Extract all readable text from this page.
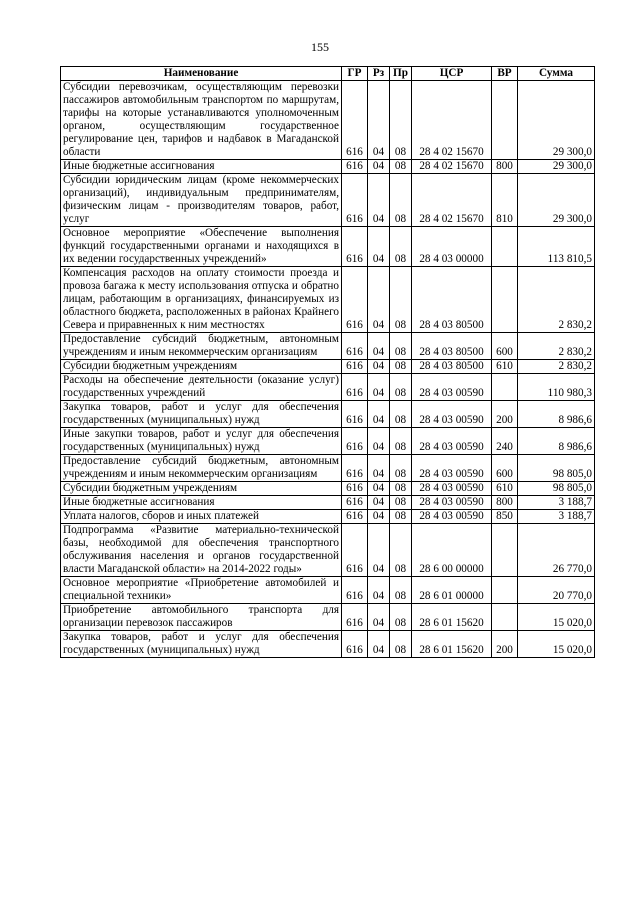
155
Наименование	ГР	Рз	Пр	ЦСР	ВР	Сумма
Субсидии перевозчикам, осуществляющим перевозки пассажиров автомобильным транспортом по маршрутам, тарифы на которые устанавливаются уполномоченным органом, осуществляющим государственное регулирование цен, тарифов и надбавок в Магаданской области	616	04	08	28 4 02 15670		29 300,0
Иные бюджетные ассигнования	616	04	08	28 4 02 15670	800	29 300,0
Субсидии юридическим лицам (кроме некоммерческих организаций), индивидуальным предпринимателям, физическим лицам - производителям товаров, работ, услуг	616	04	08	28 4 02 15670	810	29 300,0
Основное мероприятие «Обеспечение выполнения функций государственными органами и находящихся в их ведении государственных учреждений»	616	04	08	28 4 03 00000		113 810,5
Компенсация расходов на оплату стоимости проезда и провоза багажа к месту использования отпуска и обратно лицам, работающим в организациях, финансируемых из областного бюджета, расположенных в районах Крайнего Севера и приравненных к ним местностях	616	04	08	28 4 03 80500		2 830,2
Предоставление субсидий бюджетным, автономным учреждениям и иным некоммерческим организациям	616	04	08	28 4 03 80500	600	2 830,2
Субсидии бюджетным учреждениям	616	04	08	28 4 03 80500	610	2 830,2
Расходы на обеспечение деятельности (оказание услуг) государственных учреждений	616	04	08	28 4 03 00590		110 980,3
Закупка товаров, работ и услуг для обеспечения государственных (муниципальных) нужд	616	04	08	28 4 03 00590	200	8 986,6
Иные закупки товаров, работ и услуг для обеспечения государственных (муниципальных) нужд	616	04	08	28 4 03 00590	240	8 986,6
Предоставление субсидий бюджетным, автономным учреждениям и иным некоммерческим организациям	616	04	08	28 4 03 00590	600	98 805,0
Субсидии бюджетным учреждениям	616	04	08	28 4 03 00590	610	98 805,0
Иные бюджетные ассигнования	616	04	08	28 4 03 00590	800	3 188,7
Уплата налогов, сборов и иных платежей	616	04	08	28 4 03 00590	850	3 188,7
Подпрограмма «Развитие материально-технической базы, необходимой для обеспечения транспортного обслуживания населения и органов государственной власти Магаданской области» на 2014-2022 годы»	616	04	08	28 6 00 00000		26 770,0
Основное мероприятие «Приобретение автомобилей и специальной техники»	616	04	08	28 6 01 00000		20 770,0
Приобретение автомобильного транспорта для организации перевозок пассажиров	616	04	08	28 6 01 15620		15 020,0
Закупка товаров, работ и услуг для обеспечения государственных (муниципальных) нужд	616	04	08	28 6 01 15620	200	15 020,0
